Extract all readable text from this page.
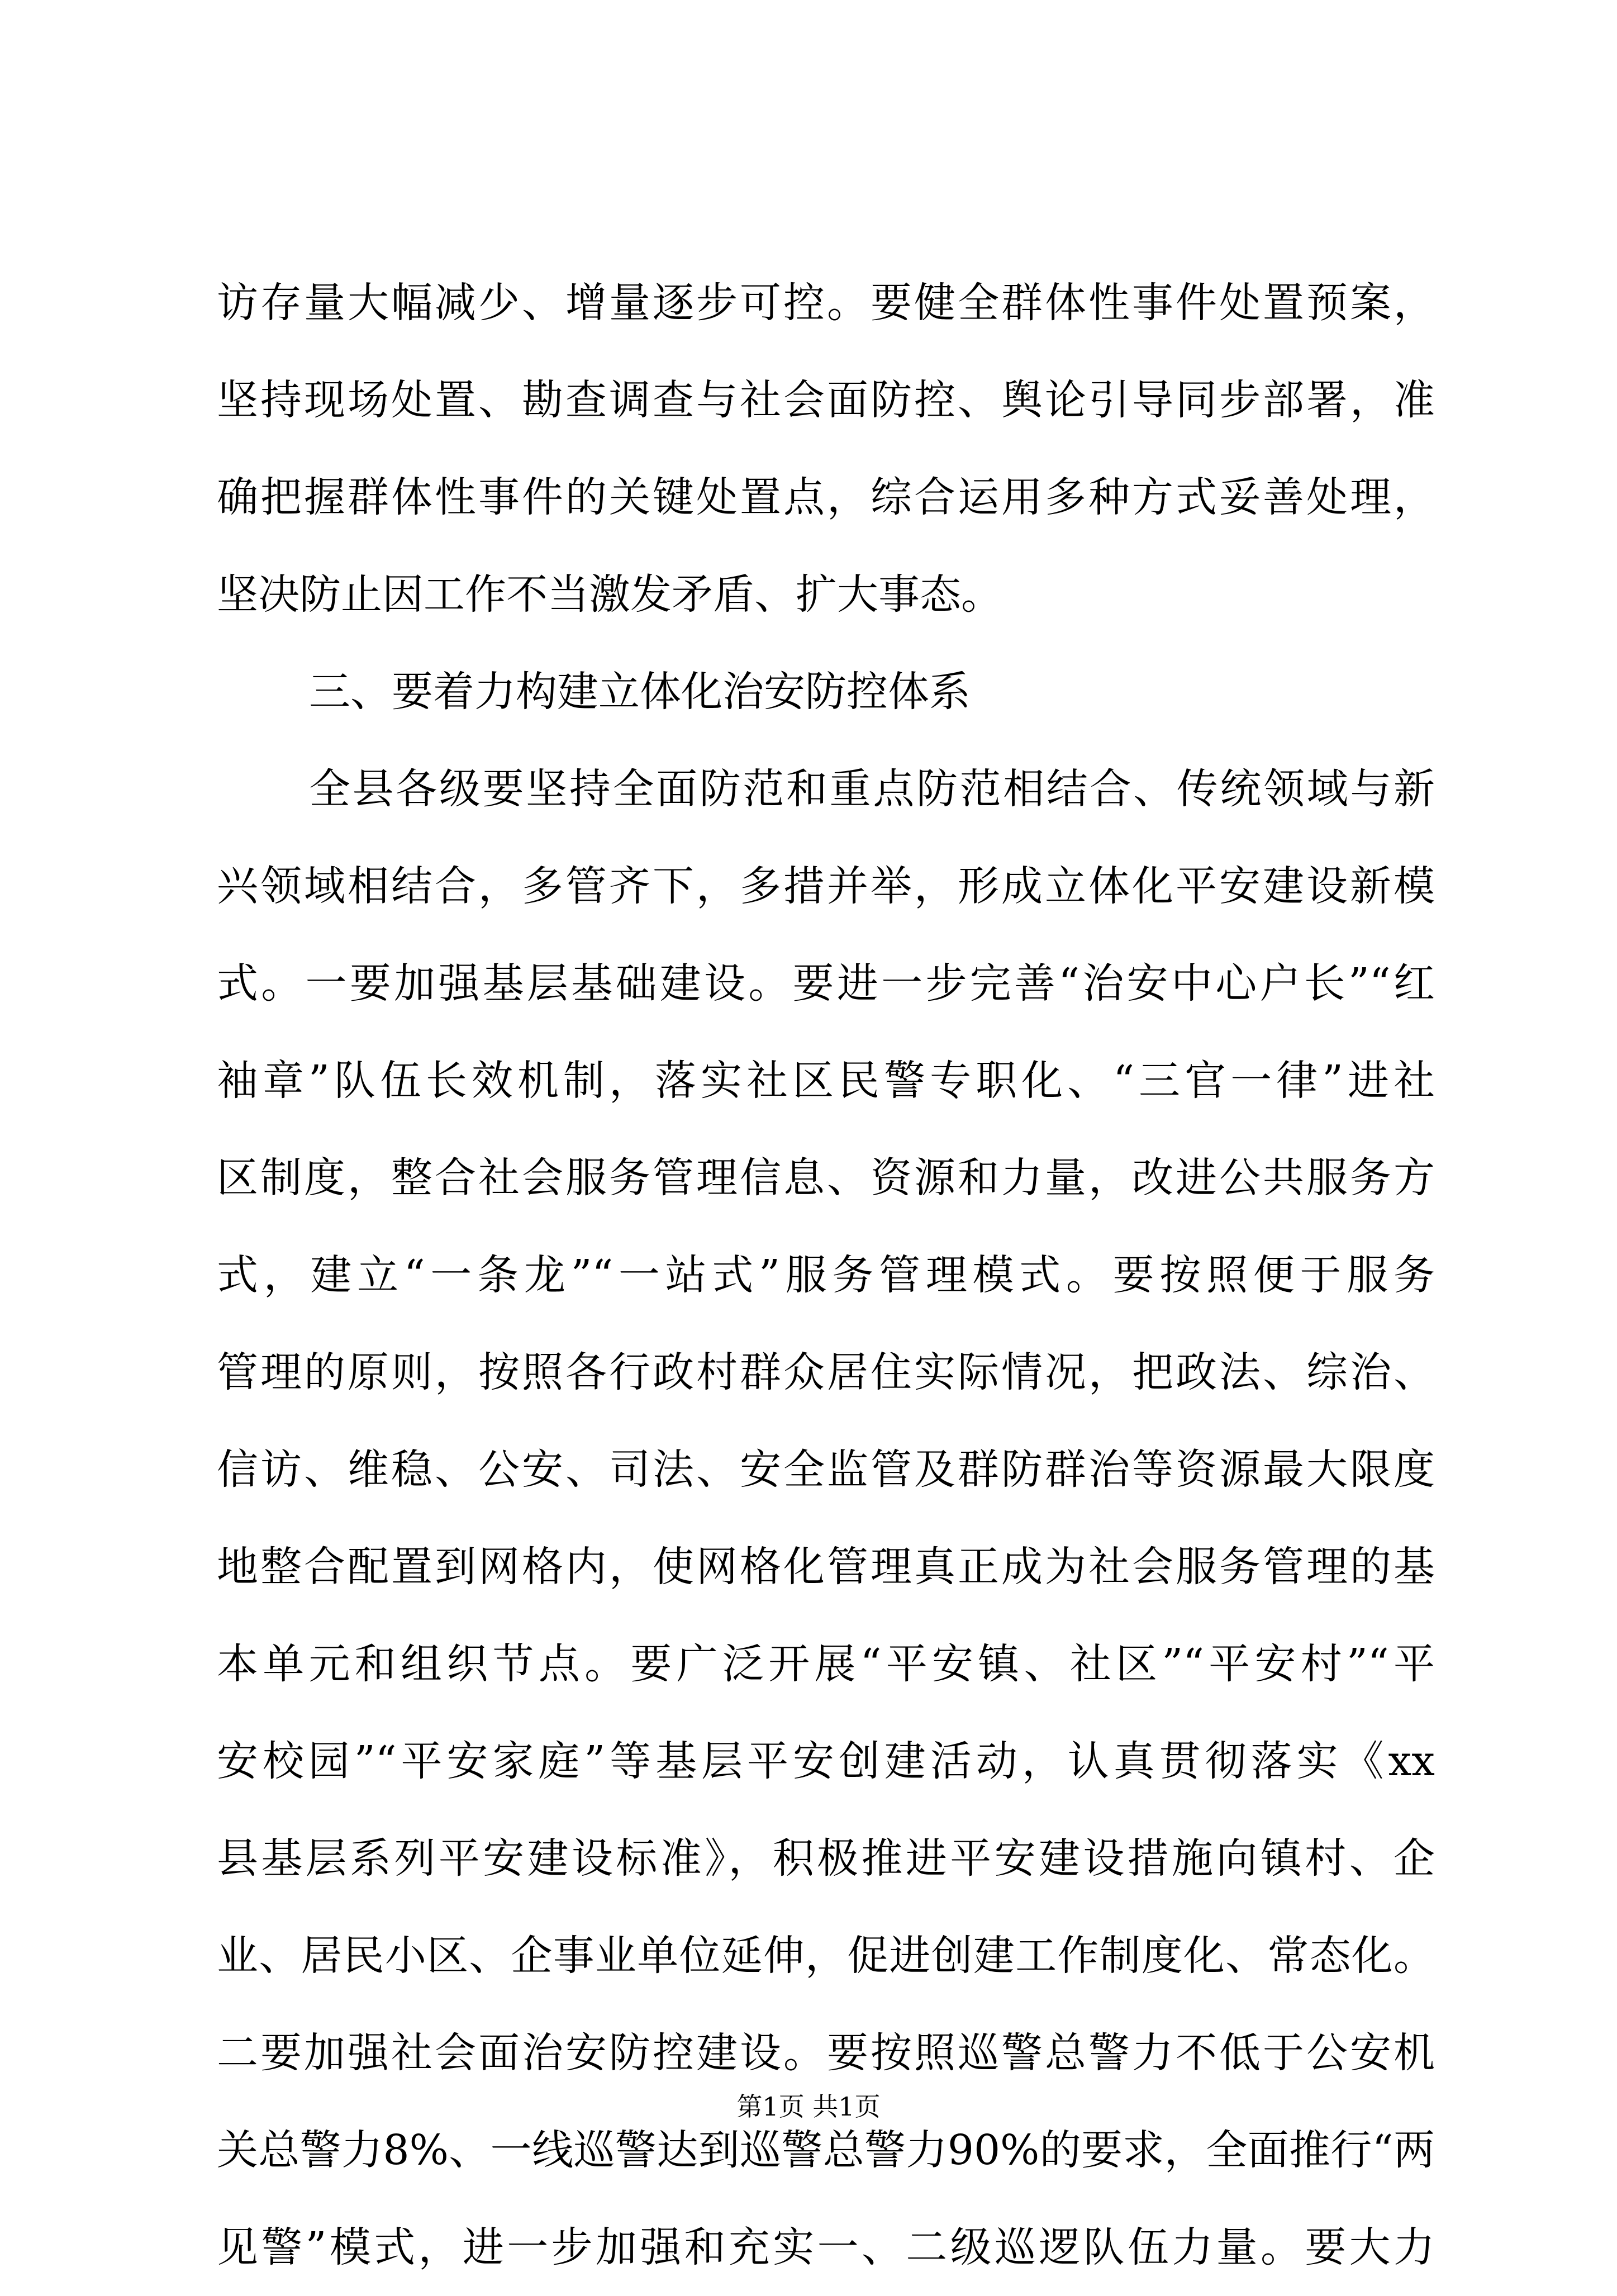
访存量大幅减少、增量逐步可控。要健全群体性事件处置预案，
坚持现场处置、勘查调查与社会面防控、舆论引导同步部署，准
确把握群体性事件的关键处置点，综合运用多种方式妥善处理，
坚决防止因工作不当激发矛盾、扩大事态。
三、要着力构建立体化治安防控体系
全县各级要坚持全面防范和重点防范相结合、传统领域与新
兴领域相结合，多管齐下，多措并举，形成立体化平安建设新模
式。一要加强基层基础建设。要进一步完善“治安中心户长”“红
袖章”队伍长效机制，落实社区民警专职化、“三官一律”进社
区制度，整合社会服务管理信息、资源和力量，改进公共服务方
式，建立“一条龙”“一站式”服务管理模式。要按照便于服务
管理的原则，按照各行政村群众居住实际情况，把政法、综治、
信访、维稳、公安、司法、安全监管及群防群治等资源最大限度
地整合配置到网格内，使网格化管理真正成为社会服务管理的基
本单元和组织节点。要广泛开展“平安镇、社区”“平安村”“平
安校园”“平安家庭”等基层平安创建活动，认真贯彻落实《xx
县基层系列平安建设标准》，积极推进平安建设措施向镇村、企
业、居民小区、企事业单位延伸，促进创建工作制度化、常态化。
二要加强社会面治安防控建设。要按照巡警总警力不低于公安机
关总警力8%、一线巡警达到巡警总警力90%的要求，全面推行“两
见警”模式，进一步加强和充实一、二级巡逻队伍力量。要大力
第1页 共1页
